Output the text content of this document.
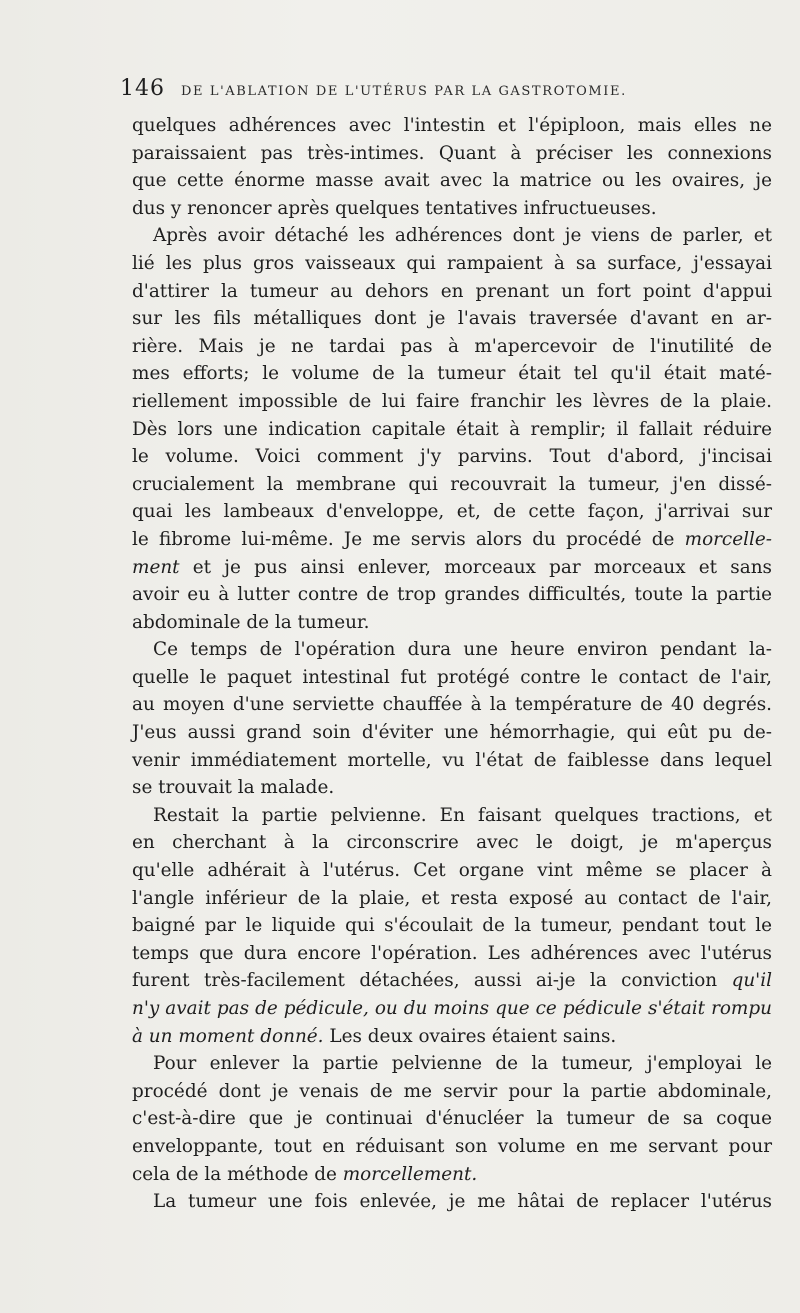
146 DE L'ABLATION DE L'UTÉRUS PAR LA GASTROTOMIE.
quelques adhérences avec l'intestin et l'épiploon, mais elles ne
paraissaient pas très-intimes. Quant à préciser les connexions
que cette énorme masse avait avec la matrice ou les ovaires, je
dus y renoncer après quelques tentatives infructueuses.
Après avoir détaché les adhérences dont je viens de parler, et
lié les plus gros vaisseaux qui rampaient à sa surface, j'essayai
d'attirer la tumeur au dehors en prenant un fort point d'appui
sur les fils métalliques dont je l'avais traversée d'avant en ar-
rière. Mais je ne tardai pas à m'apercevoir de l'inutilité de
mes efforts; le volume de la tumeur était tel qu'il était maté-
riellement impossible de lui faire franchir les lèvres de la plaie.
Dès lors une indication capitale était à remplir; il fallait réduire
le volume. Voici comment j'y parvins. Tout d'abord, j'incisai
crucialement la membrane qui recouvrait la tumeur, j'en dissé-
quai les lambeaux d'enveloppe, et, de cette façon, j'arrivai sur
le fibrome lui-même. Je me servis alors du procédé de morcelle-
ment et je pus ainsi enlever, morceaux par morceaux et sans
avoir eu à lutter contre de trop grandes difficultés, toute la partie
abdominale de la tumeur.
Ce temps de l'opération dura une heure environ pendant la-
quelle le paquet intestinal fut protégé contre le contact de l'air,
au moyen d'une serviette chauffée à la température de 40 degrés.
J'eus aussi grand soin d'éviter une hémorrhagie, qui eût pu de-
venir immédiatement mortelle, vu l'état de faiblesse dans lequel
se trouvait la malade.
Restait la partie pelvienne. En faisant quelques tractions, et
en cherchant à la circonscrire avec le doigt, je m'aperçus
qu'elle adhérait à l'utérus. Cet organe vint même se placer à
l'angle inférieur de la plaie, et resta exposé au contact de l'air,
baigné par le liquide qui s'écoulait de la tumeur, pendant tout le
temps que dura encore l'opération. Les adhérences avec l'utérus
furent très-facilement détachées, aussi ai-je la conviction qu'il
n'y avait pas de pédicule, ou du moins que ce pédicule s'était rompu
à un moment donné. Les deux ovaires étaient sains.
Pour enlever la partie pelvienne de la tumeur, j'employai le
procédé dont je venais de me servir pour la partie abdominale,
c'est-à-dire que je continuai d'énucléer la tumeur de sa coque
enveloppante, tout en réduisant son volume en me servant pour
cela de la méthode de morcellement.
La tumeur une fois enlevée, je me hâtai de replacer l'utérus
